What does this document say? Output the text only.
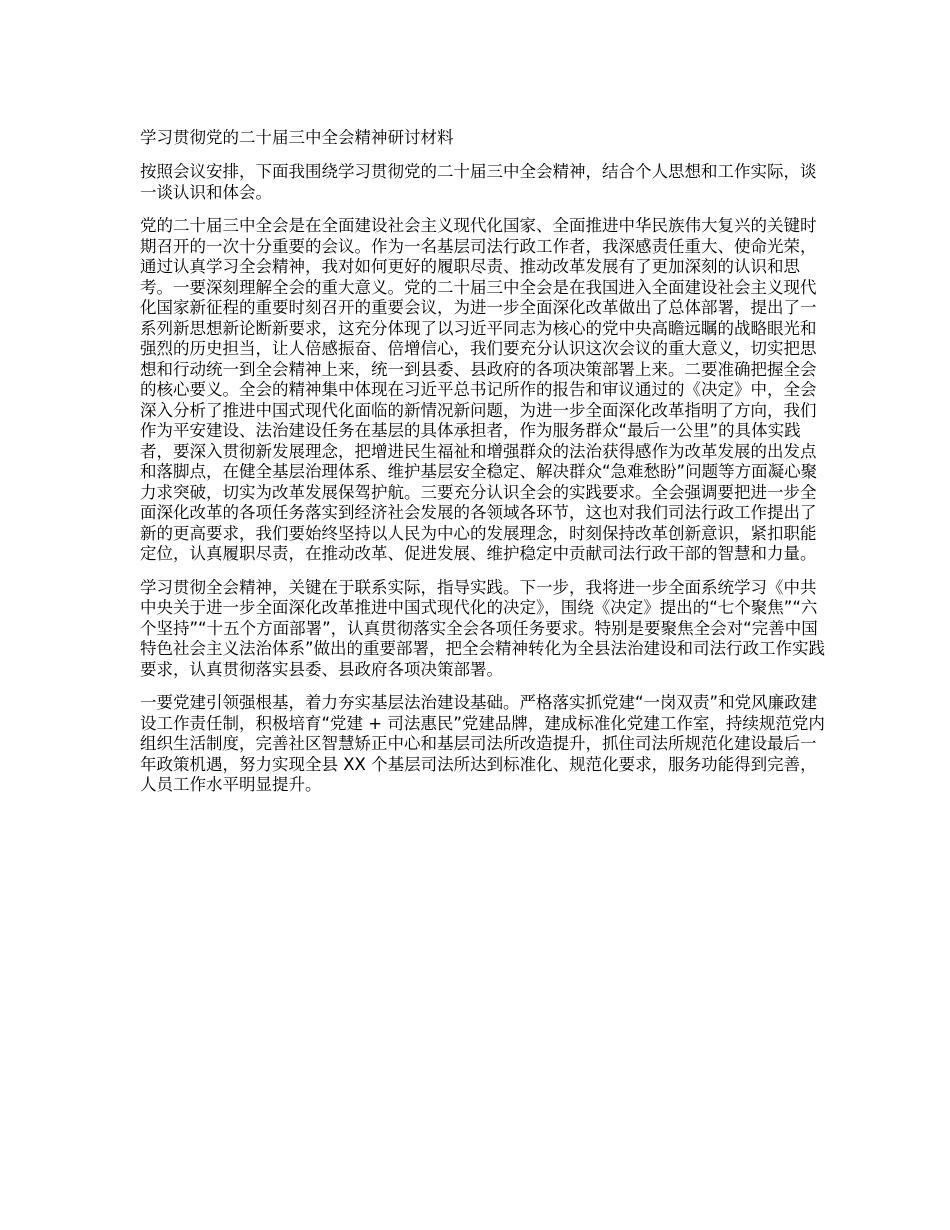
学习贯彻党的二十届三中全会精神研讨材料

按照会议安排，下面我围绕学习贯彻党的二十届三中全会精神，结合个人思想和工作实际，谈一谈认识和体会。

党的二十届三中全会是在全面建设社会主义现代化国家、全面推进中华民族伟大复兴的关键时期召开的一次十分重要的会议。作为一名基层司法行政工作者，我深感责任重大、使命光荣，通过认真学习全会精神，我对如何更好的履职尽责、推动改革发展有了更加深刻的认识和思考。一要深刻理解全会的重大意义。党的二十届三中全会是在我国进入全面建设社会主义现代化国家新征程的重要时刻召开的重要会议，为进一步全面深化改革做出了总体部署，提出了一系列新思想新论断新要求，这充分体现了以习近平同志为核心的党中央高瞻远瞩的战略眼光和强烈的历史担当，让人倍感振奋、倍增信心，我们要充分认识这次会议的重大意义，切实把思想和行动统一到全会精神上来，统一到县委、县政府的各项决策部署上来。二要准确把握全会的核心要义。全会的精神集中体现在习近平总书记所作的报告和审议通过的《决定》中，全会深入分析了推进中国式现代化面临的新情况新问题，为进一步全面深化改革指明了方向，我们作为平安建设、法治建设任务在基层的具体承担者，作为服务群众“最后一公里”的具体实践者，要深入贯彻新发展理念，把增进民生福祉和增强群众的法治获得感作为改革发展的出发点和落脚点，在健全基层治理体系、维护基层安全稳定、解决群众“急难愁盼”问题等方面凝心聚力求突破，切实为改革发展保驾护航。三要充分认识全会的实践要求。全会强调要把进一步全面深化改革的各项任务落实到经济社会发展的各领域各环节，这也对我们司法行政工作提出了新的更高要求，我们要始终坚持以人民为中心的发展理念，时刻保持改革创新意识，紧扣职能定位，认真履职尽责，在推动改革、促进发展、维护稳定中贡献司法行政干部的智慧和力量。

学习贯彻全会精神，关键在于联系实际，指导实践。下一步，我将进一步全面系统学习《中共中央关于进一步全面深化改革推进中国式现代化的决定》，围绕《决定》提出的“七个聚焦”“六个坚持”“十五个方面部署”，认真贯彻落实全会各项任务要求。特别是要聚焦全会对“完善中国特色社会主义法治体系”做出的重要部署，把全会精神转化为全县法治建设和司法行政工作实践要求，认真贯彻落实县委、县政府各项决策部署。

一要党建引领强根基，着力夯实基层法治建设基础。严格落实抓党建“一岗双责”和党风廉政建设工作责任制，积极培育“党建 + 司法惠民”党建品牌，建成标准化党建工作室，持续规范党内组织生活制度，完善社区智慧矫正中心和基层司法所改造提升，抓住司法所规范化建设最后一年政策机遇，努力实现全县 XX 个基层司法所达到标准化、规范化要求，服务功能得到完善，人员工作水平明显提升。
